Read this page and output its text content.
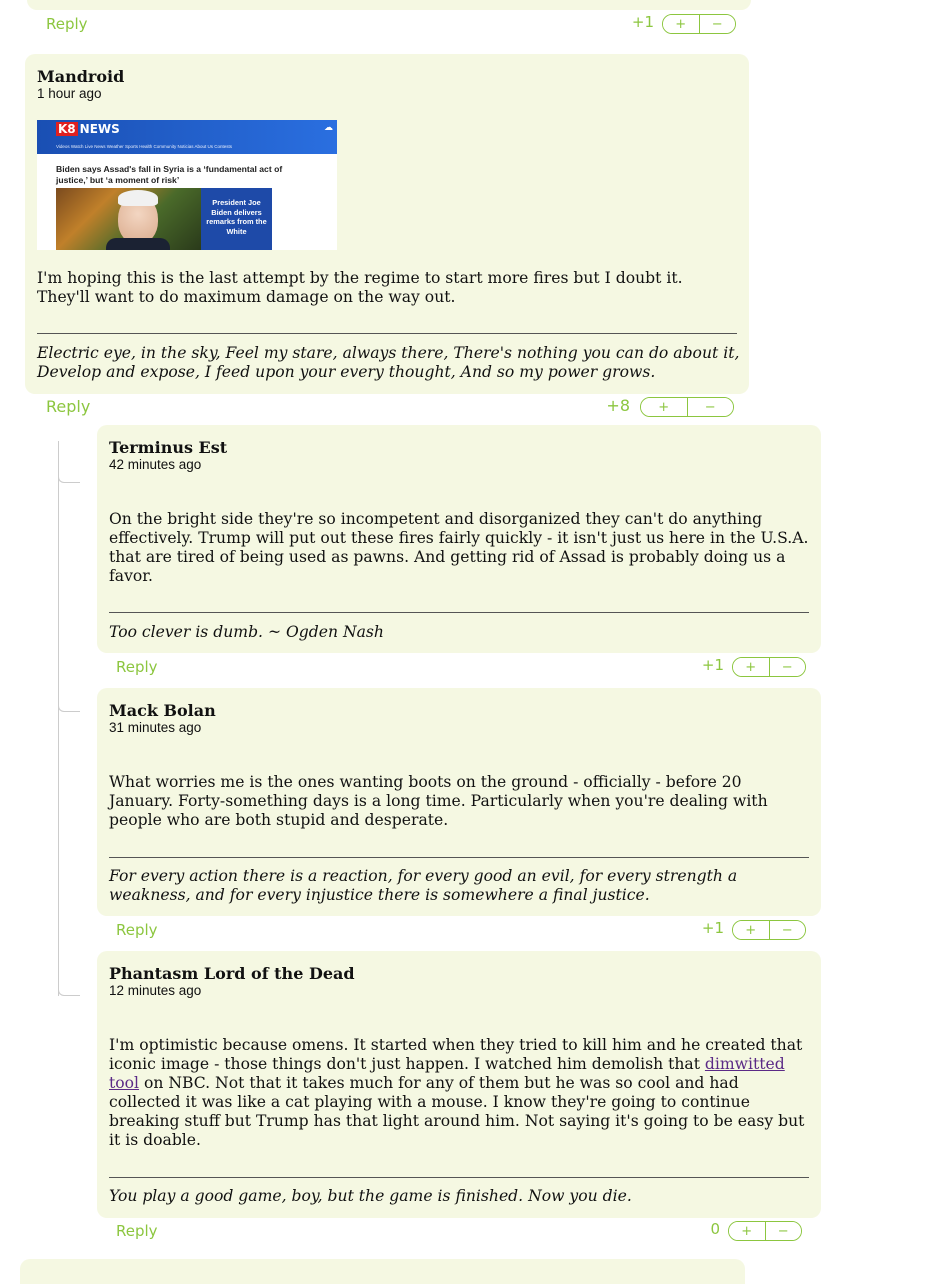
Reply	+1	+	−
Mandroid
1 hour ago
K8 NEWS
Videos Watch Live News Weather Sports Health Community Noticias About Us Contests
☁
Biden says Assad's fall in Syria is a ‘fundamental act of justice,’ but ‘a moment of risk’
President Joe Biden delivers remarks from the White

I'm hoping this is the last attempt by the regime to start more fires but I doubt it. They'll want to do maximum damage on the way out.

Electric eye, in the sky, Feel my stare, always there, There's nothing you can do about it, Develop and expose, I feed upon your every thought, And so my power grows.

Reply	+8	+	−
Terminus Est
42 minutes ago

On the bright side they're so incompetent and disorganized they can't do anything effectively. Trump will put out these fires fairly quickly - it isn't just us here in the U.S.A. that are tired of being used as pawns. And getting rid of Assad is probably doing us a favor.

Too clever is dumb. ~ Ogden Nash

Reply	+1	+	−
Mack Bolan
31 minutes ago

What worries me is the ones wanting boots on the ground - officially - before 20 January. Forty-something days is a long time. Particularly when you're dealing with people who are both stupid and desperate.

For every action there is a reaction, for every good an evil, for every strength a weakness, and for every injustice there is somewhere a final justice.

Reply	+1	+	−
Phantasm Lord of the Dead
12 minutes ago

I'm optimistic because omens. It started when they tried to kill him and he created that iconic image - those things don't just happen. I watched him demolish that dimwitted tool on NBC. Not that it takes much for any of them but he was so cool and had collected it was like a cat playing with a mouse. I know they're going to continue breaking stuff but Trump has that light around him. Not saying it's going to be easy but it is doable.

You play a good game, boy, but the game is finished. Now you die.

Reply	0	+	−
